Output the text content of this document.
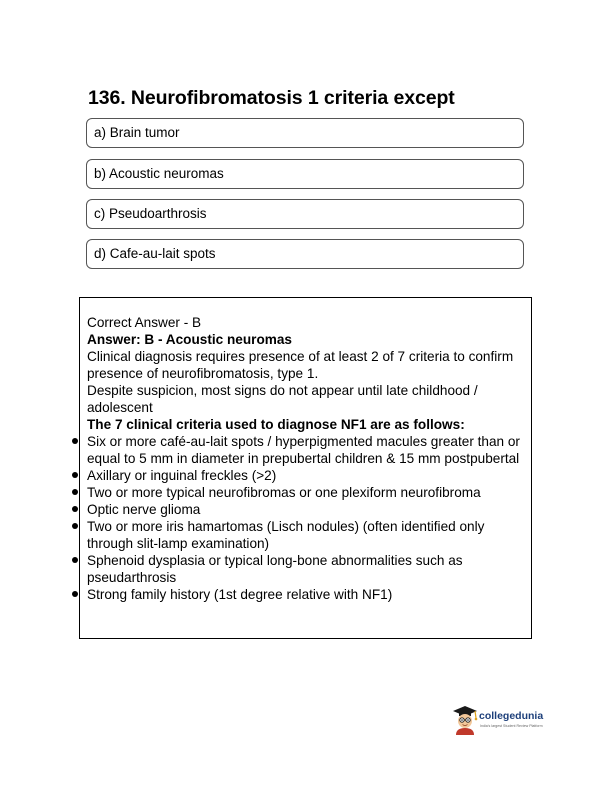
136. Neurofibromatosis 1 criteria except
a) Brain tumor
b) Acoustic neuromas
c) Pseudoarthrosis
d) Cafe-au-lait spots

Correct Answer - B

Answer: B - Acoustic neuromas

Clinical diagnosis requires presence of at least 2 of 7 criteria to confirm presence of neurofibromatosis, type 1.

Despite suspicion, most signs do not appear until late childhood / adolescent

The 7 clinical criteria used to diagnose NF1 are as follows:

Six or more café-au-lait spots / hyperpigmented macules greater than or equal to 5 mm in diameter in prepubertal children & 15 mm postpubertal
Axillary or inguinal freckles (>2)
Two or more typical neurofibromas or one plexiform neurofibroma
Optic nerve glioma
Two or more iris hamartomas (Lisch nodules) (often identified only through slit-lamp examination)
Sphenoid dysplasia or typical long-bone abnormalities such as pseudarthrosis
Strong family history (1st degree relative with NF1)
collegedunia
India's largest Student Review Platform
